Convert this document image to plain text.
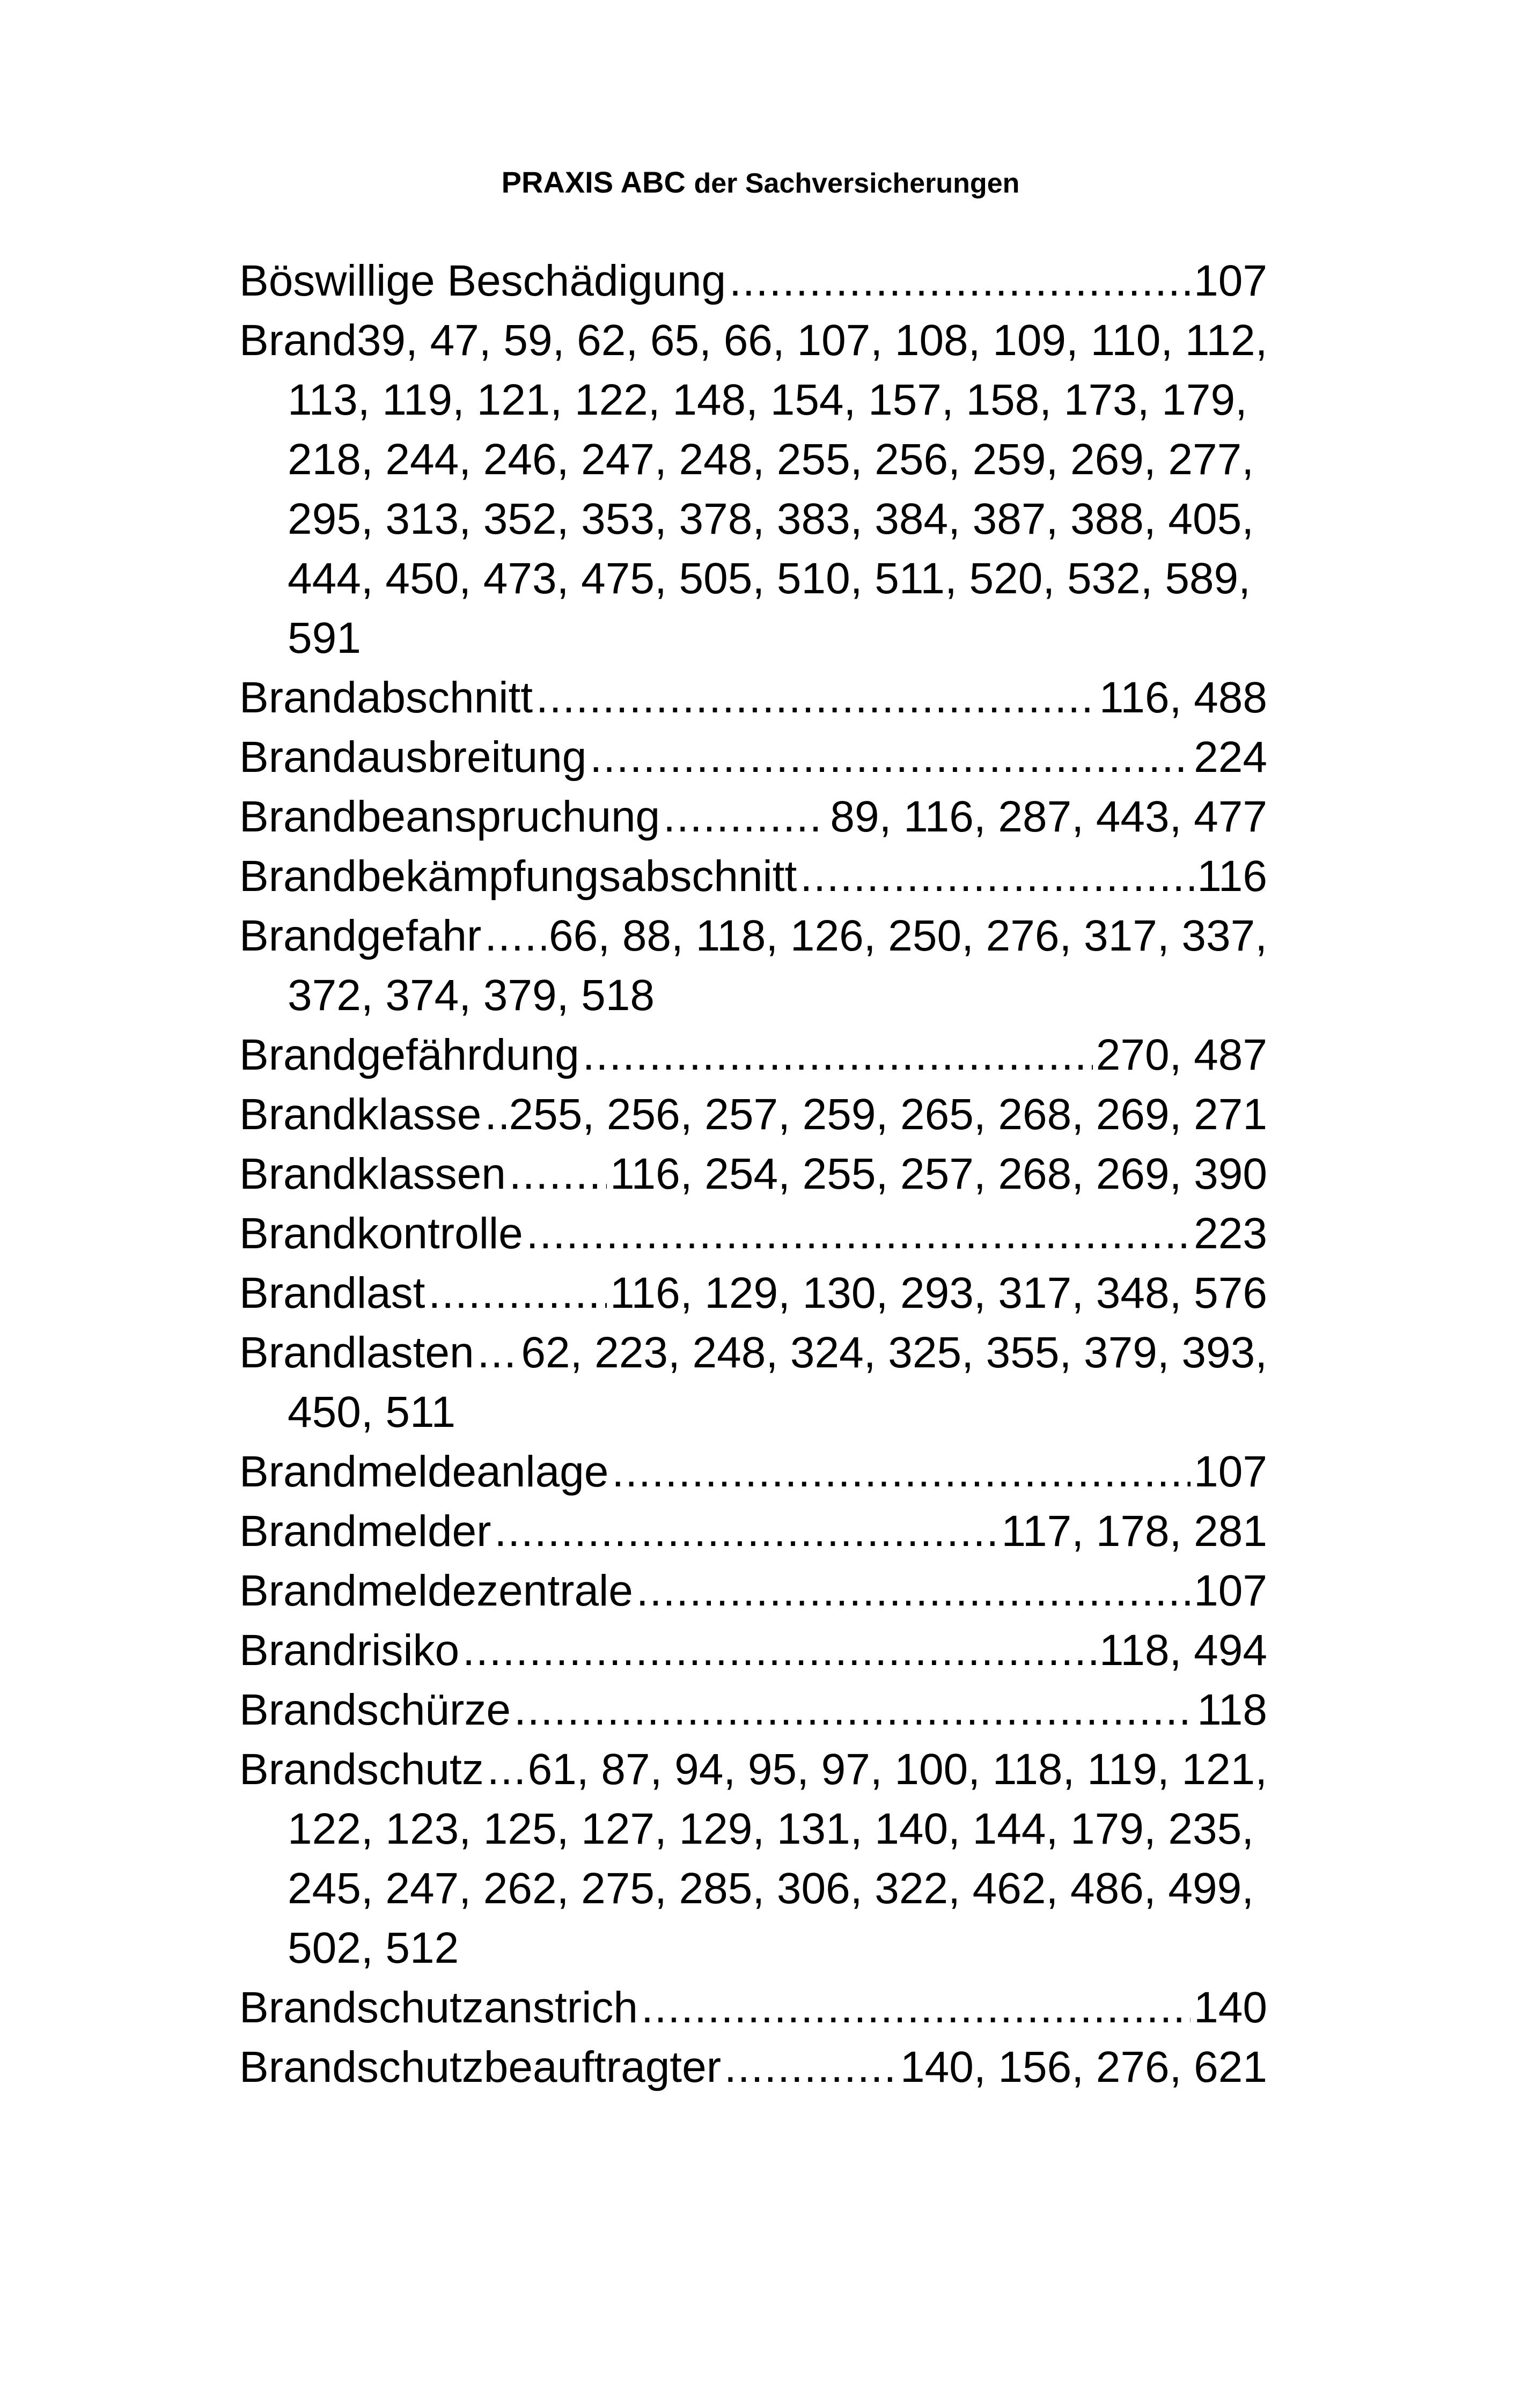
PRAXIS ABC der Sachversicherungen
Böswillige Beschädigung .....	107
Brand 39, 47, 59, 62, 65, 66, 107, 108, 109, 110, 112,
113, 119, 121, 122, 148, 154, 157, 158, 173, 179, 218, 244, 246, 247, 248, 255, 256, 259, 269, 277, 295, 313, 352, 353, 378, 383, 384, 387, 388, 405, 444, 450, 473, 475, 505, 510, 511, 520, 532, 589, 591
Brandabschnitt .....	116, 488
Brandausbreitung .....	224
Brandbeanspruchung .....	89, 116, 287, 443, 477
Brandbekämpfungsabschnitt .....	116
Brandgefahr ..... 66, 88, 118, 126, 250, 276, 317, 337,
372, 374, 379, 518
Brandgefährdung .....	270, 487
Brandklasse ..... 255, 256, 257, 259, 265, 268, 269, 271
Brandklassen ..... 116, 254, 255, 257, 268, 269, 390
Brandkontrolle .....	223
Brandlast .....	116, 129, 130, 293, 317, 348, 576
Brandlasten ..... 62, 223, 248, 324, 325, 355, 379, 393,
450, 511
Brandmeldeanlage .....	107
Brandmelder .....	117, 178, 281
Brandmeldezentrale .....	107
Brandrisiko .....	118, 494
Brandschürze .....	118
Brandschutz ..... 61, 87, 94, 95, 97, 100, 118, 119, 121,
122, 123, 125, 127, 129, 131, 140, 144, 179, 235, 245, 247, 262, 275, 285, 306, 322, 462, 486, 499, 502, 512
Brandschutzanstrich .....	140
Brandschutzbeauftragter .....	140, 156, 276, 621
